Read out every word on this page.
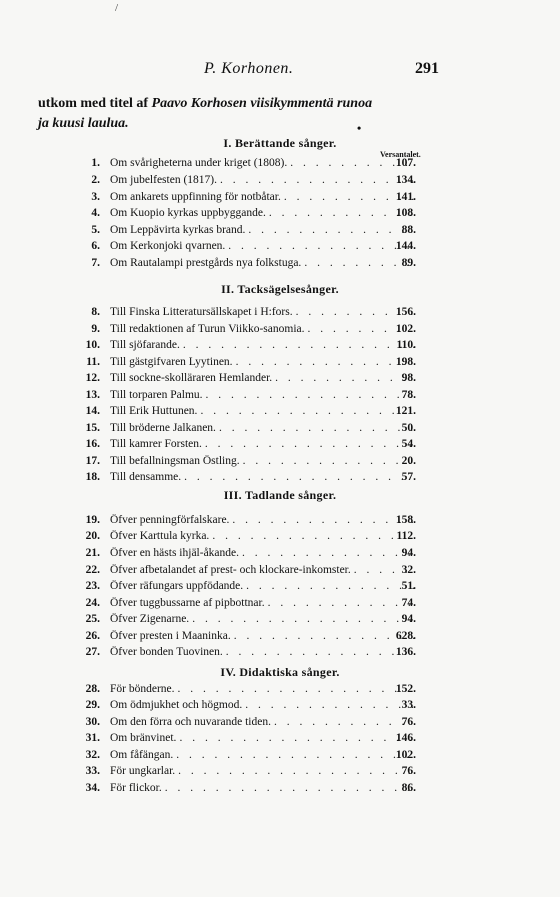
/
P. Korhonen.	291
utkom med titel af Paavo Korhosen viisikymmentä runoa
ja kuusi laulua.	•
Versantalet.
I. Berättande sånger.
1. Om svårigheterna under kriget (1808). . . .	107.
2. Om jubelfesten (1817). . . .	134.
3. Om ankarets uppfinning för notbåtar. . . .	141.
4. Om Kuopio kyrkas uppbyggande. . . .	108.
5. Om Leppävirta kyrkas brand. . . .	88.
6. Om Kerkonjoki qvarnen. . . .	144.
7. Om Rautalampi prestgårds nya folkstuga. . . .	89.
II. Tacksägelsesånger.
8. Till Finska Litteratursällskapet i H:fors. . . .	156.
9. Till redaktionen af Turun Viikko-sanomia. . . .	102.
10. Till sjöfarande. . . .	110.
11. Till gästgifvaren Lyytinen. . . .	198.
12. Till sockne-skolläraren Hemlander. . . .	98.
13. Till torparen Palmu. . . .	78.
14. Till Erik Huttunen. . . .	121.
15. Till bröderne Jalkanen. . . .	50.
16. Till kamrer Forsten. . . .	54.
17. Till befallningsman Östling. . . .	20.
18. Till densamme. . . .	57.
III. Tadlande sånger.
19. Öfver penningförfalskare. . . .	158.
20. Öfver Karttula kyrka. . . .	112.
21. Öfver en hästs ihjäl-åkande. . . .	94.
22. Öfver afbetalandet af prest- och klockare-inkomster. . . .	32.
23. Öfver räfungars uppfödande. . . .	51.
24. Öfver tuggbussarne af pipbottnar. . . .	74.
25. Öfver Zigenarne. . . .	94.
26. Öfver presten i Maaninka. . . .	628.
27. Öfver bonden Tuovinen. . . .	136.
IV. Didaktiska sånger.
28. För bönderne. . . .	152.
29. Om ödmjukhet och högmod. . . .	33.
30. Om den förra och nuvarande tiden. . . .	76.
31. Om bränvinet. . . .	146.
32. Om fåfängan. . . .	102.
33. För ungkarlar. . . .	76.
34. För flickor. . . .	86.
